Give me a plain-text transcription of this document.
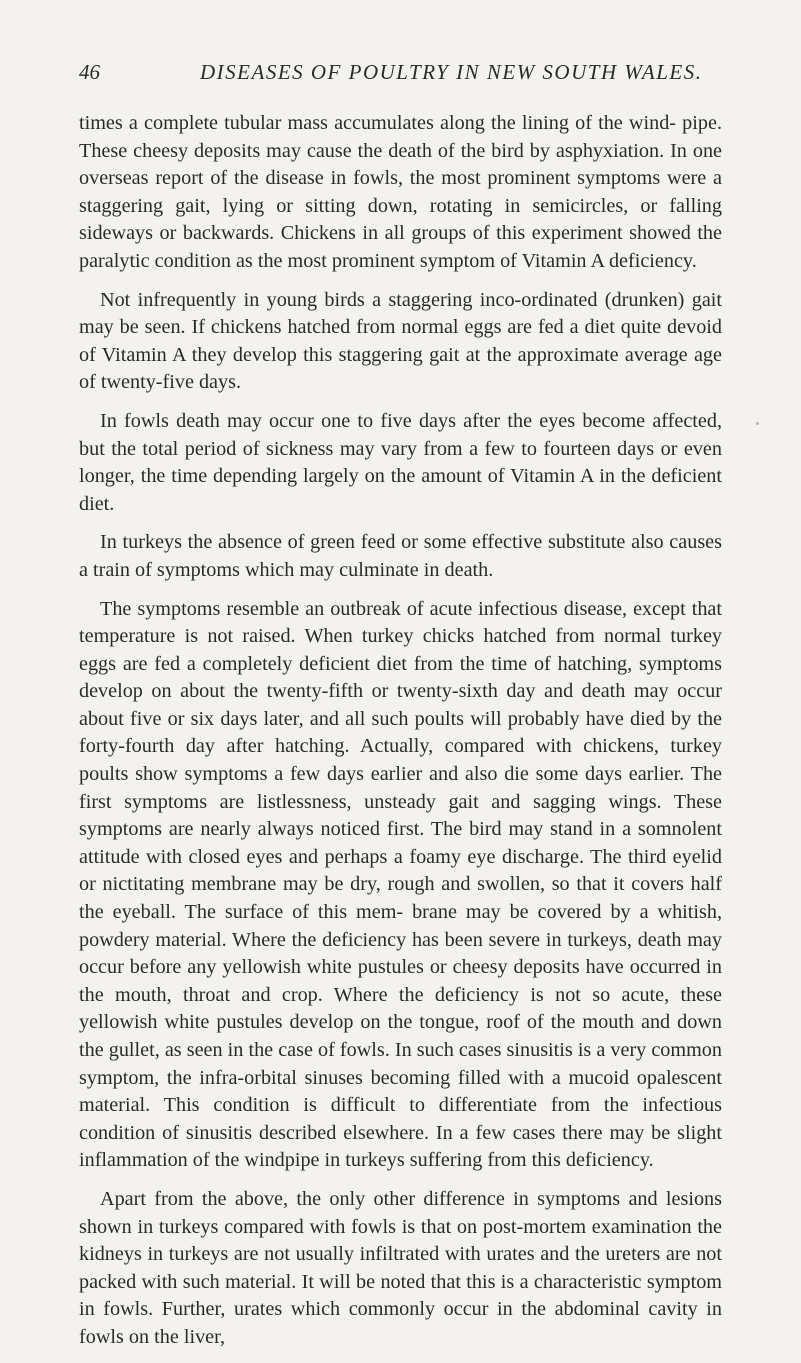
46	DISEASES OF POULTRY IN NEW SOUTH WALES.

times a complete tubular mass accumulates along the lining of the wind- pipe. These cheesy deposits may cause the death of the bird by asphyxiation. In one overseas report of the disease in fowls, the most prominent symptoms were a staggering gait, lying or sitting down, rotating in semicircles, or falling sideways or backwards. Chickens in all groups of this experiment showed the paralytic condition as the most prominent symptom of Vitamin A deficiency.

Not infrequently in young birds a staggering inco-ordinated (drunken) gait may be seen. If chickens hatched from normal eggs are fed a diet quite devoid of Vitamin A they develop this staggering gait at the approximate average age of twenty-five days.

In fowls death may occur one to five days after the eyes become affected, but the total period of sickness may vary from a few to fourteen days or even longer, the time depending largely on the amount of Vitamin A in the deficient diet.

In turkeys the absence of green feed or some effective substitute also causes a train of symptoms which may culminate in death.

The symptoms resemble an outbreak of acute infectious disease, except that temperature is not raised. When turkey chicks hatched from normal turkey eggs are fed a completely deficient diet from the time of hatching, symptoms develop on about the twenty-fifth or twenty-sixth day and death may occur about five or six days later, and all such poults will probably have died by the forty-fourth day after hatching. Actually, compared with chickens, turkey poults show symptoms a few days earlier and also die some days earlier. The first symptoms are listlessness, unsteady gait and sagging wings. These symptoms are nearly always noticed first. The bird may stand in a somnolent attitude with closed eyes and perhaps a foamy eye discharge. The third eyelid or nictitating membrane may be dry, rough and swollen, so that it covers half the eyeball. The surface of this mem- brane may be covered by a whitish, powdery material. Where the deficiency has been severe in turkeys, death may occur before any yellowish white pustules or cheesy deposits have occurred in the mouth, throat and crop. Where the deficiency is not so acute, these yellowish white pustules develop on the tongue, roof of the mouth and down the gullet, as seen in the case of fowls. In such cases sinusitis is a very common symptom, the infra-orbital sinuses becoming filled with a mucoid opalescent material. This condition is difficult to differentiate from the infectious condition of sinusitis described elsewhere. In a few cases there may be slight inflammation of the windpipe in turkeys suffering from this deficiency.

Apart from the above, the only other difference in symptoms and lesions shown in turkeys compared with fowls is that on post-mortem examination the kidneys in turkeys are not usually infiltrated with urates and the ureters are not packed with such material. It will be noted that this is a characteristic symptom in fowls. Further, urates which commonly occur in the abdominal cavity in fowls on the liver,
